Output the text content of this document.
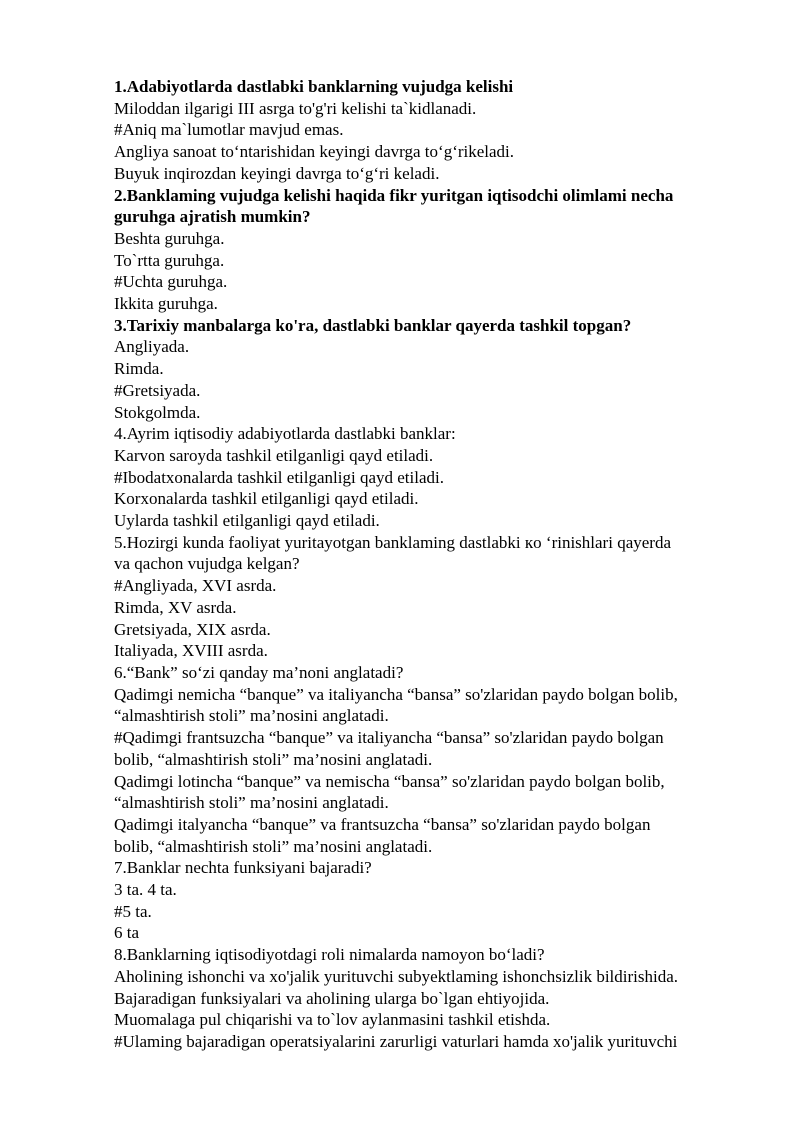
1.Adabiyotlarda dastlabki banklarning vujudga kelishi
Miloddan ilgarigi III asrga to'g'ri kelishi ta`kidlanadi.
#Aniq ma`lumotlar mavjud emas.
Angliya sanoat to‘ntarishidan keyingi davrga to‘g‘rikeladi.
Buyuk inqirozdan keyingi davrga to‘g‘ri keladi.
2.Banklaming vujudga kelishi haqida fikr yuritgan iqtisodchi olimlami necha
guruhga ajratish mumkin?
Beshta guruhga.
To`rtta guruhga.
#Uchta guruhga.
Ikkita guruhga.
3.Tarixiy manbalarga ko'ra, dastlabki banklar qayerda tashkil topgan?
Angliyada.
Rimda.
#Gretsiyada.
Stokgolmda.
4.Ayrim iqtisodiy adabiyotlarda dastlabki banklar:
Karvon saroyda tashkil etilganligi qayd etiladi.
#Ibodatxonalarda tashkil etilganligi qayd etiladi.
Korxonalarda tashkil etilganligi qayd etiladi.
Uylarda tashkil etilganligi qayd etiladi.
5.Hozirgi kunda faoliyat yuritayotgan banklaming dastlabki кo ‘rinishlari qayerda
va qachon vujudga kelgan?
#Angliyada, XVI asrda.
Rimda, XV asrda.
Gretsiyada, XIX asrda.
Italiyada, XVIII asrda.
6.“Bank” so‘zi qanday ma’noni anglatadi?
Qadimgi nemicha “banque” va italiyancha “bansa” so'zlaridan paydo bolgan bolib,
“almashtirish stoli” ma’nosini anglatadi.
#Qadimgi frantsuzcha “banque” va italiyancha “bansa” so'zlaridan paydo bolgan
bolib, “almashtirish stoli” ma’nosini anglatadi.
Qadimgi lotincha “banque” va nemischa “bansa” so'zlaridan paydo bolgan bolib,
“almashtirish stoli” ma’nosini anglatadi.
Qadimgi italyancha “banque” va frantsuzcha “bansa” so'zlaridan paydo bolgan
bolib, “almashtirish stoli” ma’nosini anglatadi.
7.Banklar nechta funksiyani bajaradi?
3 ta. 4 ta.
#5 ta.
6 ta
8.Banklarning iqtisodiyotdagi roli nimalarda namoyon bo‘ladi?
Aholining ishonchi va xo'jalik yurituvchi subyektlaming ishonchsizlik bildirishida.
Bajaradigan funksiyalari va aholining ularga bo`lgan ehtiyojida.
Muomalaga pul chiqarishi va to`lov aylanmasini tashkil etishda.
#Ulaming bajaradigan operatsiyalarini zarurligi vaturlari hamda xo'jalik yurituvchi
